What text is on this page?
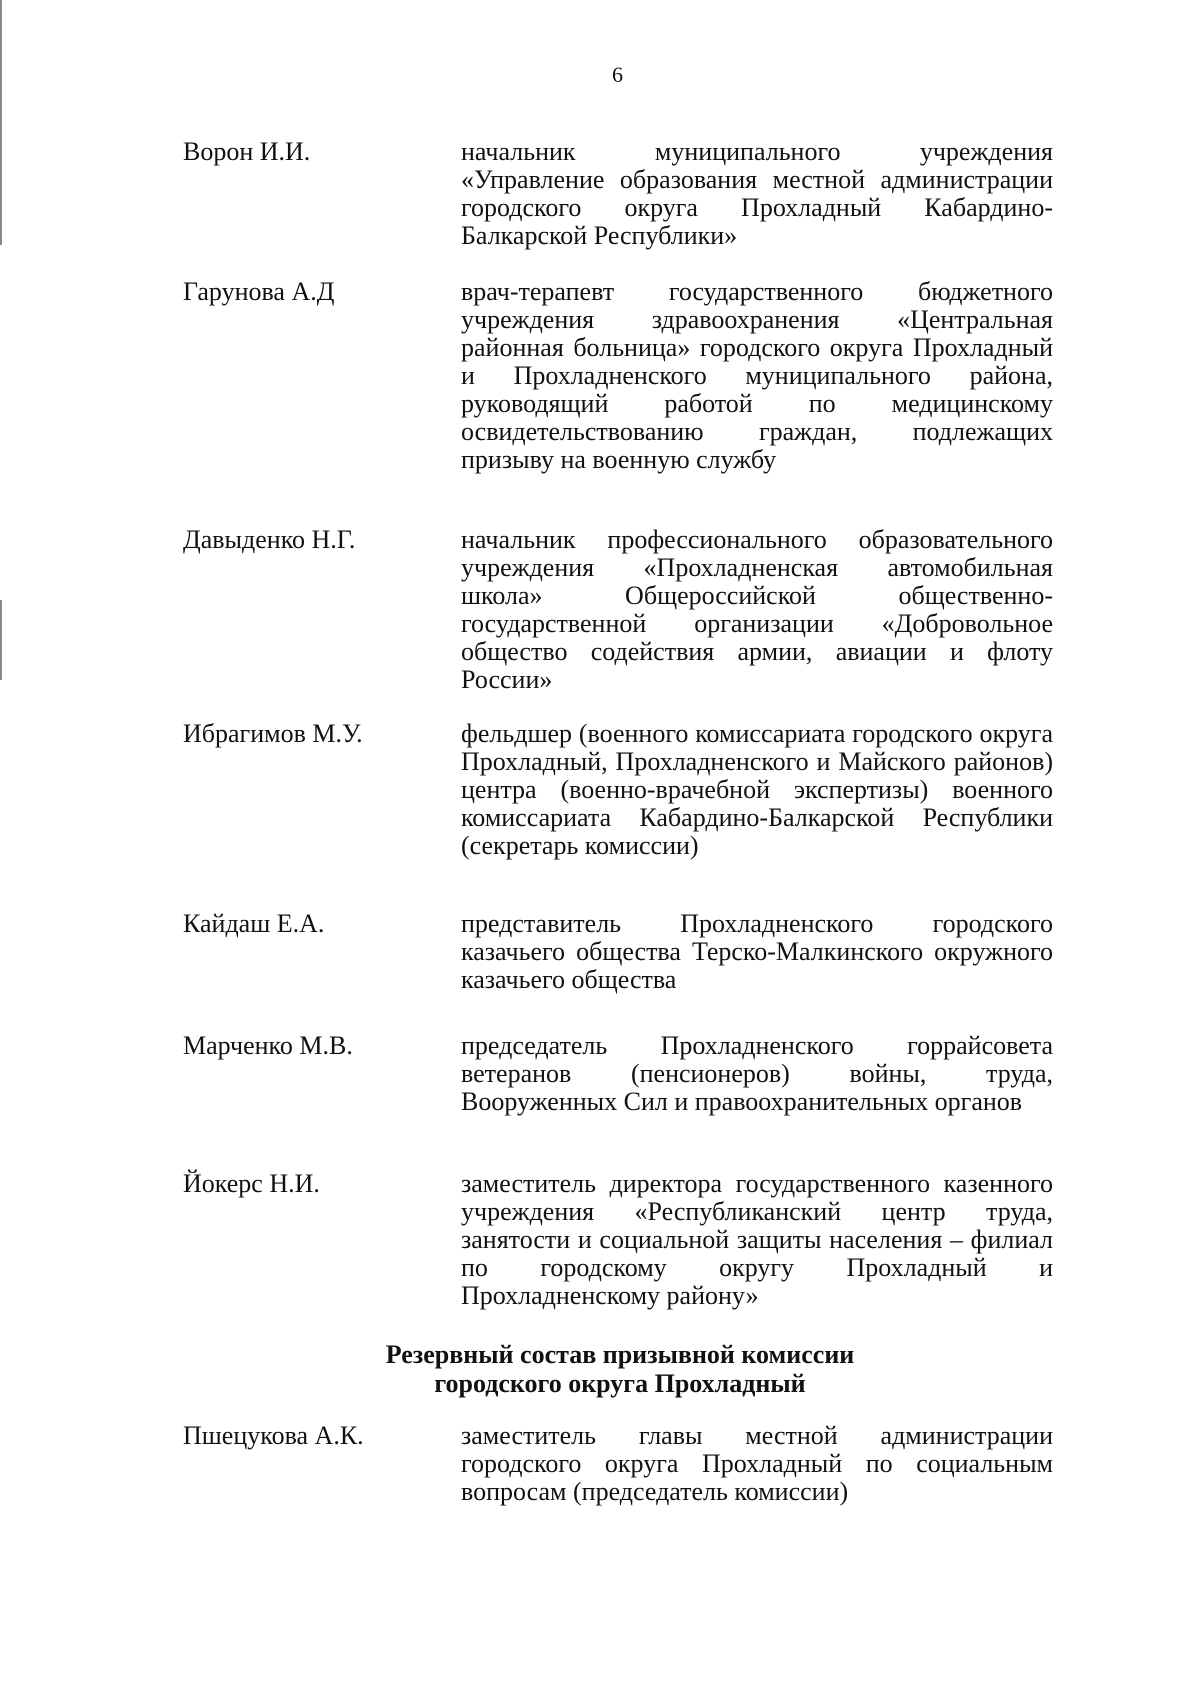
6
Ворон И.И.	начальник муниципального учреждения «Управление образования местной администрации городского округа Прохладный Кабардино-Балкарской Республики»
Гарунова А.Д	врач-терапевт государственного бюджетного учреждения здравоохранения «Центральная районная больница» городского округа Прохладный и Прохладненского муниципального района, руководящий работой по медицинскому освидетельствованию граждан, подлежащих призыву на военную службу
Давыденко Н.Г.	начальник профессионального образовательного учреждения «Прохладненская автомобильная школа» Общероссийской общественно-государственной организации «Добровольное общество содействия армии, авиации и флоту России»
Ибрагимов М.У.	фельдшер (военного комиссариата городского округа Прохладный, Прохладненского и Майского районов) центра (военно-врачебной экспертизы) военного комиссариата Кабардино-Балкарской Республики (секретарь комиссии)
Кайдаш Е.А.	представитель Прохладненского городского казачьего общества Терско-Малкинского окружного казачьего общества
Марченко М.В.	председатель Прохладненского горрайсовета ветеранов (пенсионеров) войны, труда, Вооруженных Сил и правоохранительных органов
Йокерс Н.И.	заместитель директора государственного казенного учреждения «Республиканский центр труда, занятости и социальной защиты населения – филиал по городскому округу Прохладный и Прохладненскому району»
Резервный состав призывной комиссии
городского округа Прохладный
Пшецукова А.К.	заместитель главы местной администрации городского округа Прохладный по социальным вопросам (председатель комиссии)
